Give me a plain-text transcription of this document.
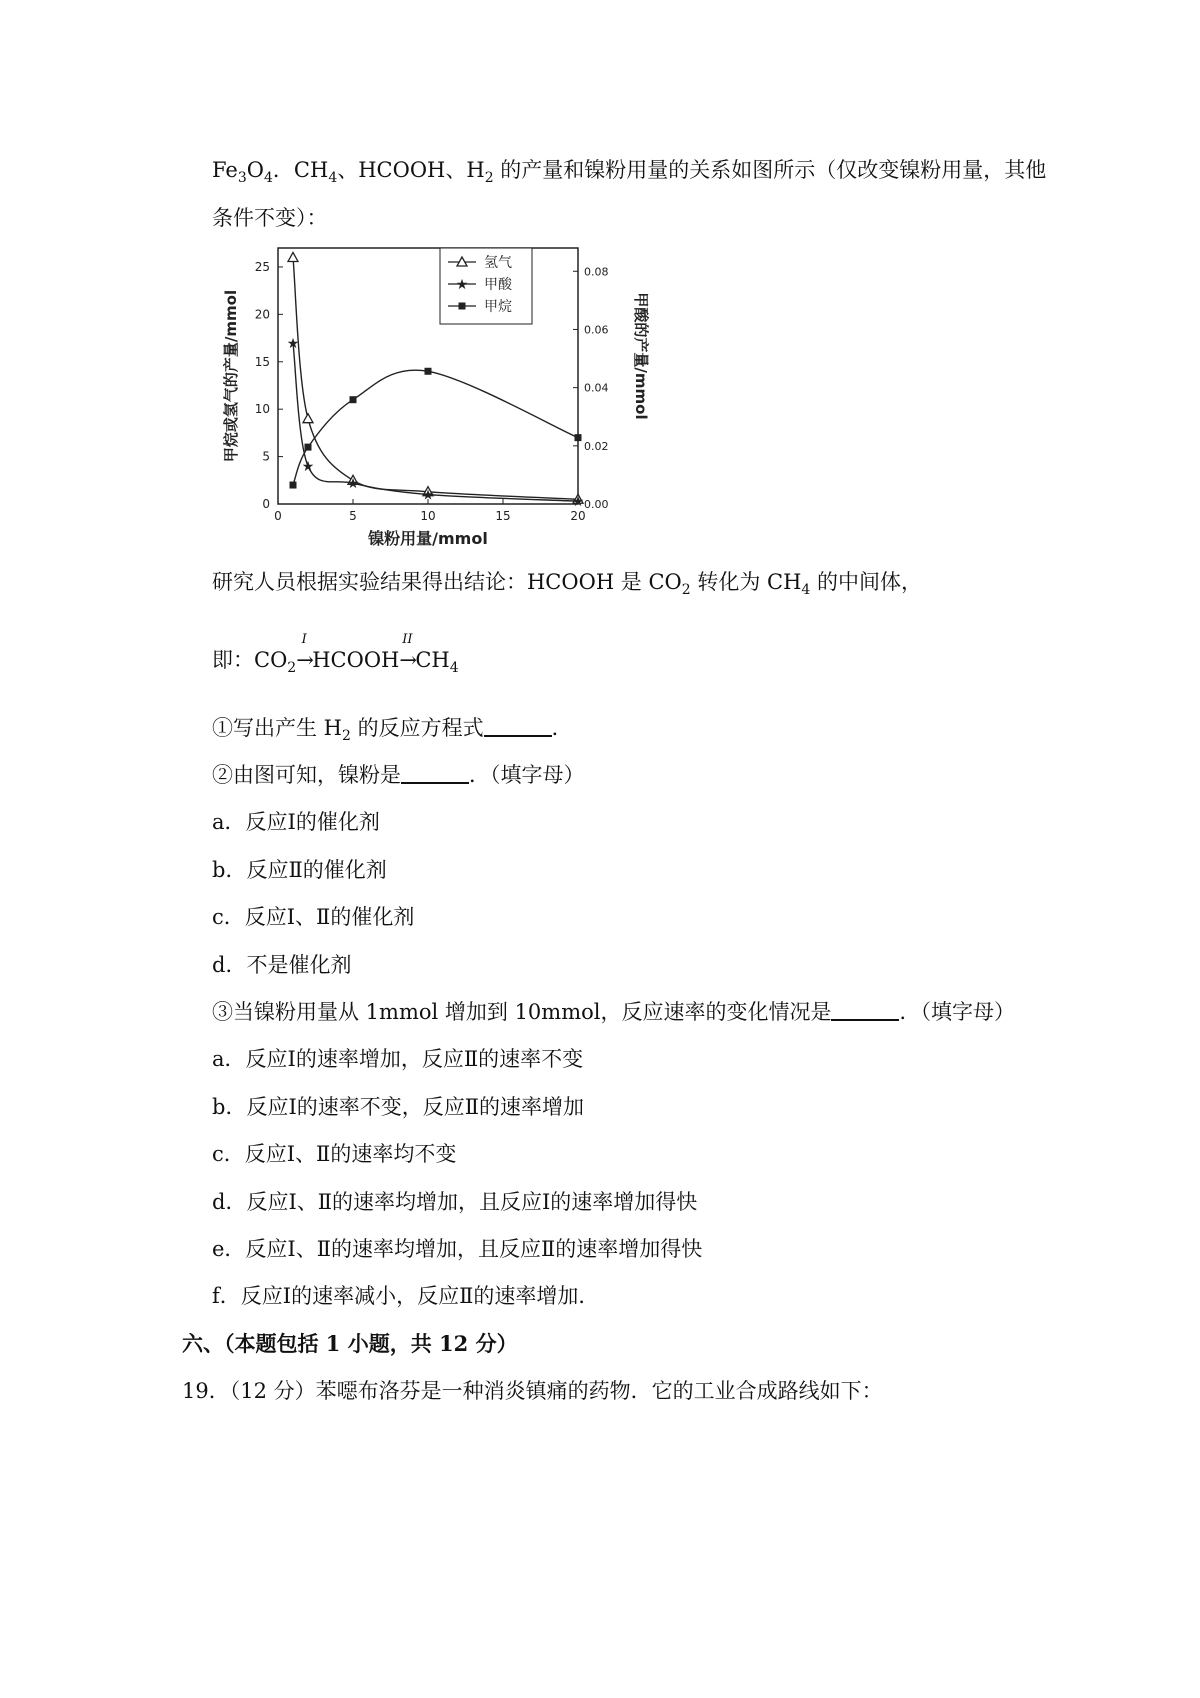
$Fe_3O_4$．$CH_4$、HCOOH、$H_2$ 的产量和镍粉用量的关系如图所示（仅改变镍粉用量，其他
条件不变）：
0	5	10	15	20
0
5
10
15
20
25
0.00
0.02
0.04
0.06
0.08
镍粉用量/mmol
甲烷或氢气的产量/mmol	甲酸的产量/mmol
★
★
★
★	★
氢气
★ 甲酸
甲烷
研究人员根据实验结果得出结论：HCOOH 是 $CO_2$ 转化为 $CH_4$ 的中间体，
即：$CO_2$
I
→HCOOH
II
$\to CH_4$
①写出产生 $H_2$ 的反应方程式	．
②由图可知，镍粉是	．（填字母）
a．反应Ⅰ的催化剂
b．反应Ⅱ的催化剂
c．反应Ⅰ、Ⅱ的催化剂
d．不是催化剂
③当镍粉用量从 1mmol 增加到 10mmol，反应速率的变化情况是	．（填字母）
a．反应Ⅰ的速率增加，反应Ⅱ的速率不变
b．反应Ⅰ的速率不变，反应Ⅱ的速率增加
c．反应Ⅰ、Ⅱ的速率均不变
d．反应Ⅰ、Ⅱ的速率均增加，且反应Ⅰ的速率增加得快
e．反应Ⅰ、Ⅱ的速率均增加，且反应Ⅱ的速率增加得快
f．反应Ⅰ的速率减小，反应Ⅱ的速率增加．
六、（本题包括 1 小题，共 12 分）
19．（12 分）苯噁布洛芬是一种消炎镇痛的药物．它的工业合成路线如下：
